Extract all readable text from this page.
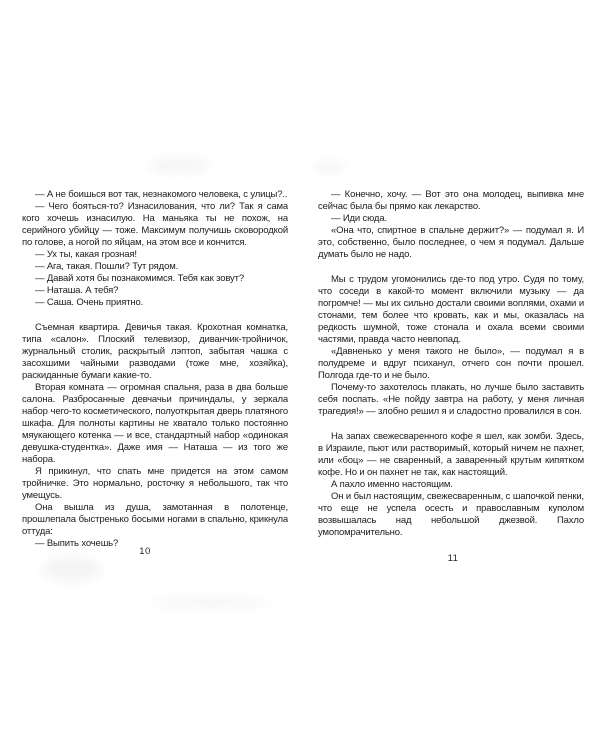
— А не боишься вот так, незнакомого человека, с улицы?..

— Чего бояться-то? Изнасилования, что ли? Так я сама кого хочешь изнасилую. На маньяка ты не похож, на серийного убийцу — тоже. Максимум получишь сковородкой по голове, а ногой по яйцам, на этом все и кончится.

— Ух ты, какая грозная!

— Ага, такая. Пошли? Тут рядом.

— Давай хотя бы познакомимся. Тебя как зовут?

— Наташа. А тебя?

— Саша. Очень приятно.

Съемная квартира. Девичья такая. Крохотная комнатка, типа «салон». Плоский телевизор, диванчик-тройничок, журнальный столик, раскрытый лэптоп, забытая чашка с засохшими чайными разводами (тоже мне, хозяйка), раскиданные бумаги какие-то.

Вторая комната — огромная спальня, раза в два больше салона. Разбросанные девчачьи причиндалы, у зеркала набор чего-то косметического, полуоткрытая дверь платяного шкафа. Для полноты картины не хватало только постоянно мяукающего котенка — и все, стандартный набор «одинокая девушка-студентка». Даже имя — Наташа — из того же набора.

Я прикинул, что спать мне придется на этом самом тройничке. Это нормально, росточку я небольшого, так что умещусь.

Она вышла из душа, замотанная в полотенце, прошлепала быстренько босыми ногами в спальню, крикнула оттуда:

— Выпить хочешь?

— Конечно, хочу. — Вот это она молодец, выпивка мне сейчас была бы прямо как лекарство.

— Иди сюда.

«Она что, спиртное в спальне держит?» — подумал я. И это, собственно, было последнее, о чем я подумал. Дальше думать было не надо.

Мы с трудом угомонились где-то под утро. Судя по тому, что соседи в какой-то момент включили музыку — да погромче! — мы их сильно достали своими воплями, охами и стонами, тем более что кровать, как и мы, оказалась на редкость шумной, тоже стонала и охала всеми своими частями, правда часто невпопад.

«Давненько у меня такого не было», — подумал я в полудреме и вдруг психанул, отчего сон почти прошел. Полгода где-то и не было.

Почему-то захотелось плакать, но лучше было заставить себя поспать. «Не пойду завтра на работу, у меня личная трагедия!» — злобно решил я и сладостно провалился в сон.

На запах свежесваренного кофе я шел, как зомби. Здесь, в Израиле, пьют или растворимый, который ничем не пахнет, или «боц» — не сваренный, а заваренный крутым кипятком кофе. Но и он пахнет не так, как настоящий.

А пахло именно настоящим.

Он и был настоящим, свежесваренным, с шапочкой пенки, что еще не успела осесть и православным куполом возвышалась над небольшой джезвой. Пахло умопомрачительно.

10
11
